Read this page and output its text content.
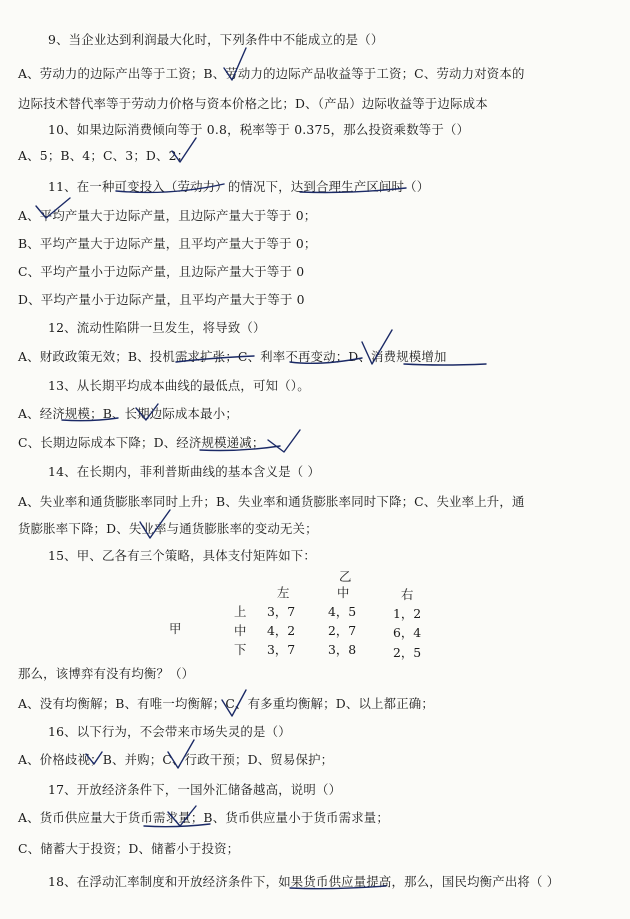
9、当企业达到利润最大化时，下列条件中不能成立的是（）
A、劳动力的边际产出等于工资；B、劳动力的边际产品收益等于工资；C、劳动力对资本的
边际技术替代率等于劳动力价格与资本价格之比；D、（产品）边际收益等于边际成本
10、如果边际消费倾向等于 0.8，税率等于 0.375，那么投资乘数等于（）
A、5；B、4；C、3；D、2；
11、在一种可变投入（劳动力）的情况下，达到合理生产区间时（）
A、平均产量大于边际产量，且边际产量大于等于 0；
B、平均产量大于边际产量，且平均产量大于等于 0；
C、平均产量小于边际产量，且边际产量大于等于 0
D、平均产量小于边际产量，且平均产量大于等于 0
12、流动性陷阱一旦发生，将导致（）
A、财政政策无效；B、投机需求扩张；C、利率不再变动；D、消费规模增加
13、从长期平均成本曲线的最低点，可知（）。
A、经济规模；B、长期边际成本最小；
C、长期边际成本下降；D、经济规模递减；
14、在长期内，菲利普斯曲线的基本含义是（ ）
A、失业率和通货膨胀率同时上升；B、失业率和通货膨胀率同时下降；C、失业率上升，通
货膨胀率下降；D、失业率与通货膨胀率的变动无关；
15、甲、乙各有三个策略，具体支付矩阵如下：
乙
甲
左	中	右
上 3，7	4，5	1，2
中 4，2	2，7	6，4
下 3，7	3，8	2，5
那么，该博弈有没有均衡？（）
A、没有均衡解；B、有唯一均衡解；C、有多重均衡解；D、以上都正确；
16、以下行为，不会带来市场失灵的是（）
A、价格歧视；B、并购；C、行政干预；D、贸易保护；
17、开放经济条件下，一国外汇储备越高，说明（）
A、货币供应量大于货币需求量；B、货币供应量小于货币需求量；
C、储蓄大于投资；D、储蓄小于投资；
18、在浮动汇率制度和开放经济条件下，如果货币供应量提高，那么，国民均衡产出将（ ）
